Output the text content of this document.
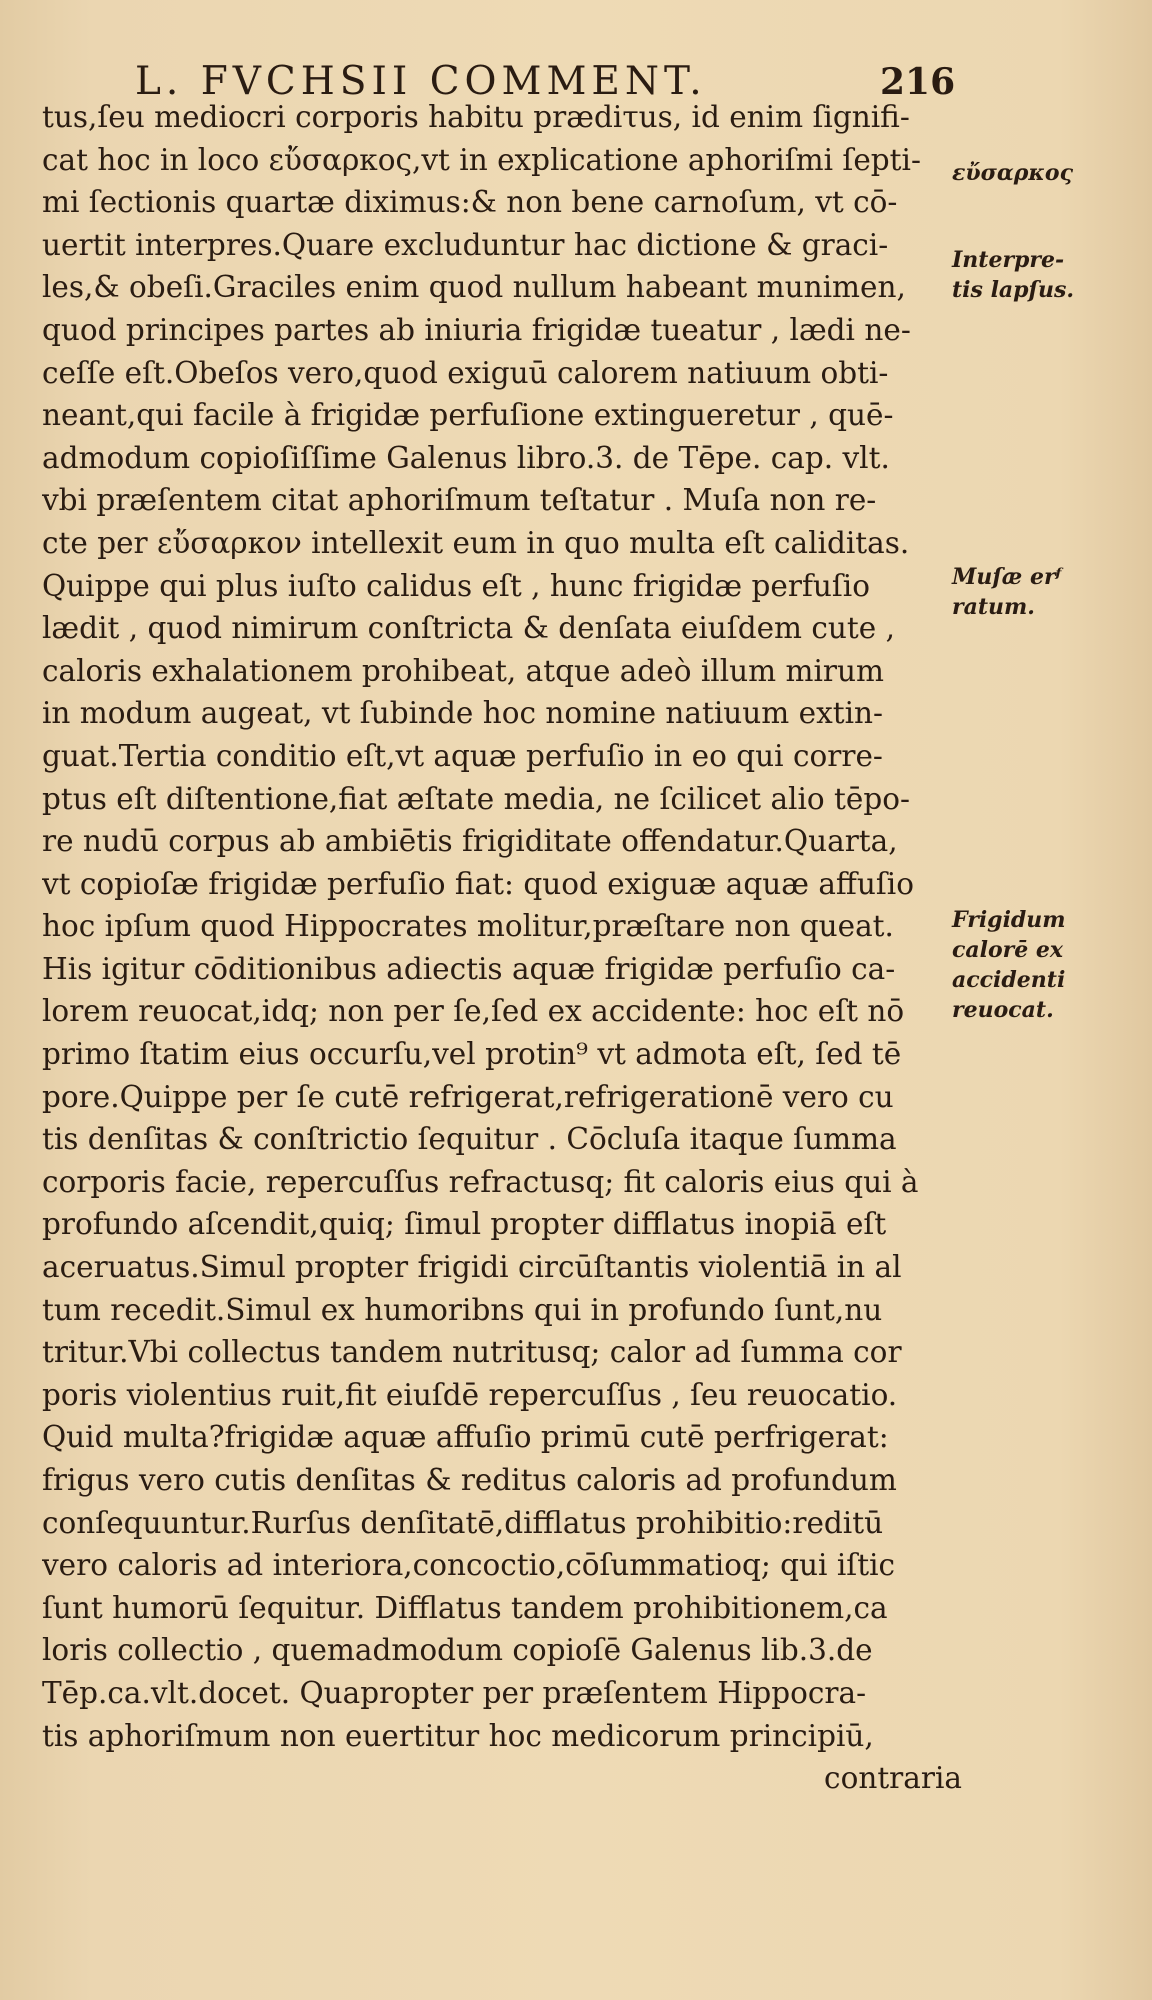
L. FVCHSII COMMENT.	216
tus,ſeu mediocri corporis habitu prædiτus, id enim ſignifi-
cat hoc in loco εὔσαρκος,vt in explicatione aphoriſmi ſepti-
mi ſectionis quartæ diximus:& non bene carnoſum, vt cō-
uertit interpres.Quare excluduntur hac dictione & graci-
les,& obeſi.Graciles enim quod nullum habeant munimen,
quod principes partes ab iniuria frigidæ tueatur , lædi ne-
ceſſe eſt.Obeſos vero,quod exiguū calorem natiuum obti-
neant,qui facile à frigidæ perfuſione extingueretur , quē-
admodum copioſiſſime Galenus libro.3. de Tēpe. cap. vlt.
vbi præſentem citat aphoriſmum teſtatur . Muſa non re-
cte per εὔσαρκον intellexit eum in quo multa eſt caliditas.
Quippe qui plus iuſto calidus eſt , hunc frigidæ perfuſio
lædit , quod nimirum conſtricta & denſata eiuſdem cute ,
caloris exhalationem prohibeat, atque adeò illum mirum
in modum augeat, vt ſubinde hoc nomine natiuum extin-
guat.Tertia conditio eſt,vt aquæ perfuſio in eo qui corre-
ptus eſt diſtentione,fiat æſtate media, ne ſcilicet alio tēpo-
re nudū corpus ab ambiētis frigiditate offendatur.Quarta,
vt copioſæ frigidæ perfuſio fiat: quod exiguæ aquæ affuſio
hoc ipſum quod Hippocrates molitur,præſtare non queat.
His igitur cōditionibus adiectis aquæ frigidæ perfuſio ca-
lorem reuocat,idq; non per ſe,ſed ex accidente: hoc eſt nō
primo ſtatim eius occurſu,vel protin⁹ vt admota eſt, ſed tē
pore.Quippe per ſe cutē refrigerat,refrigerationē vero cu
tis denſitas & conſtrictio ſequitur . Cōcluſa itaque ſumma
corporis facie, repercuſſus refractusq; fit caloris eius qui à
profundo aſcendit,quiq; ſimul propter difflatus inopiā eſt
aceruatus.Simul propter frigidi circūſtantis violentiā in al
tum recedit.Simul ex humoribns qui in profundo ſunt,nu
tritur.Vbi collectus tandem nutritusq; calor ad ſumma cor
poris violentius ruit,fit eiuſdē repercuſſus , ſeu reuocatio.
Quid multa?frigidæ aquæ affuſio primū cutē perfrigerat:
frigus vero cutis denſitas & reditus caloris ad profundum
conſequuntur.Rurſus denſitatē,difflatus prohibitio:reditū
vero caloris ad interiora,concoctio,cōſummatioq; qui iſtic
ſunt humorū ſequitur. Difflatus tandem prohibitionem,ca
loris collectio , quemadmodum copioſē Galenus lib.3.de
Tēp.ca.vlt.docet. Quapropter per præſentem Hippocra-
tis aphoriſmum non euertitur hoc medicorum principiū,
contraria
εὔσαρκος
Interpre-
tis lapſus.
Muſæ erᶠ
ratum.
Frigidum
calorē ex
accidenti
reuocat.
